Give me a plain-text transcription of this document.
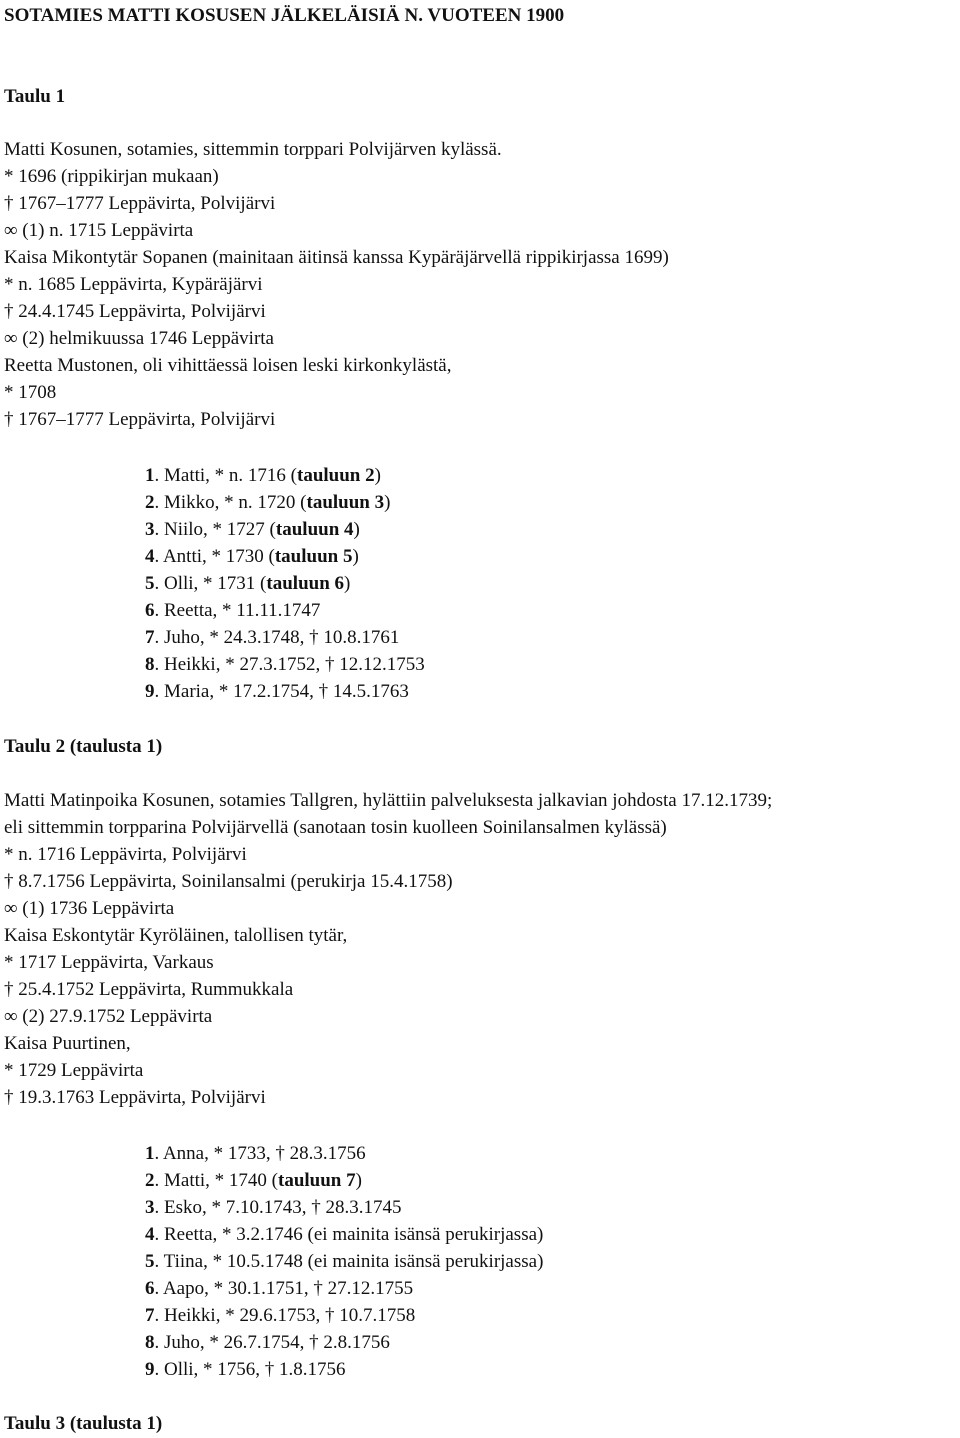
SOTAMIES MATTI KOSUSEN JÄLKELÄISIÄ N. VUOTEEN 1900
Taulu 1
Matti Kosunen, sotamies, sittemmin torppari Polvijärven kylässä.
* 1696 (rippikirjan mukaan)
† 1767–1777 Leppävirta, Polvijärvi
∞ (1) n. 1715 Leppävirta
Kaisa Mikontytär Sopanen (mainitaan äitinsä kanssa Kypäräjärvellä rippikirjassa 1699)
* n. 1685 Leppävirta, Kypäräjärvi
† 24.4.1745 Leppävirta, Polvijärvi
∞ (2) helmikuussa 1746 Leppävirta
Reetta Mustonen, oli vihittäessä loisen leski kirkonkylästä,
* 1708
† 1767–1777 Leppävirta, Polvijärvi
1. Matti, * n. 1716 (tauluun 2)
2. Mikko, * n. 1720 (tauluun 3)
3. Niilo, * 1727 (tauluun 4)
4. Antti, * 1730 (tauluun 5)
5. Olli, * 1731 (tauluun 6)
6. Reetta, * 11.11.1747
7. Juho, * 24.3.1748, † 10.8.1761
8. Heikki, * 27.3.1752, † 12.12.1753
9. Maria, * 17.2.1754, † 14.5.1763
Taulu 2 (taulusta 1)
Matti Matinpoika Kosunen, sotamies Tallgren, hylättiin palveluksesta jalkavian johdosta 17.12.1739;
eli sittemmin torpparina Polvijärvellä (sanotaan tosin kuolleen Soinilansalmen kylässä)
* n. 1716 Leppävirta, Polvijärvi
† 8.7.1756 Leppävirta, Soinilansalmi (perukirja 15.4.1758)
∞ (1) 1736 Leppävirta
Kaisa Eskontytär Kyröläinen, talollisen tytär,
* 1717 Leppävirta, Varkaus
† 25.4.1752 Leppävirta, Rummukkala
∞ (2) 27.9.1752 Leppävirta
Kaisa Puurtinen,
* 1729 Leppävirta
† 19.3.1763 Leppävirta, Polvijärvi
1. Anna, * 1733, † 28.3.1756
2. Matti, * 1740 (tauluun 7)
3. Esko, * 7.10.1743, † 28.3.1745
4. Reetta, * 3.2.1746 (ei mainita isänsä perukirjassa)
5. Tiina, * 10.5.1748 (ei mainita isänsä perukirjassa)
6. Aapo, * 30.1.1751, † 27.12.1755
7. Heikki, * 29.6.1753, † 10.7.1758
8. Juho, * 26.7.1754, † 2.8.1756
9. Olli, * 1756, † 1.8.1756
Taulu 3 (taulusta 1)
